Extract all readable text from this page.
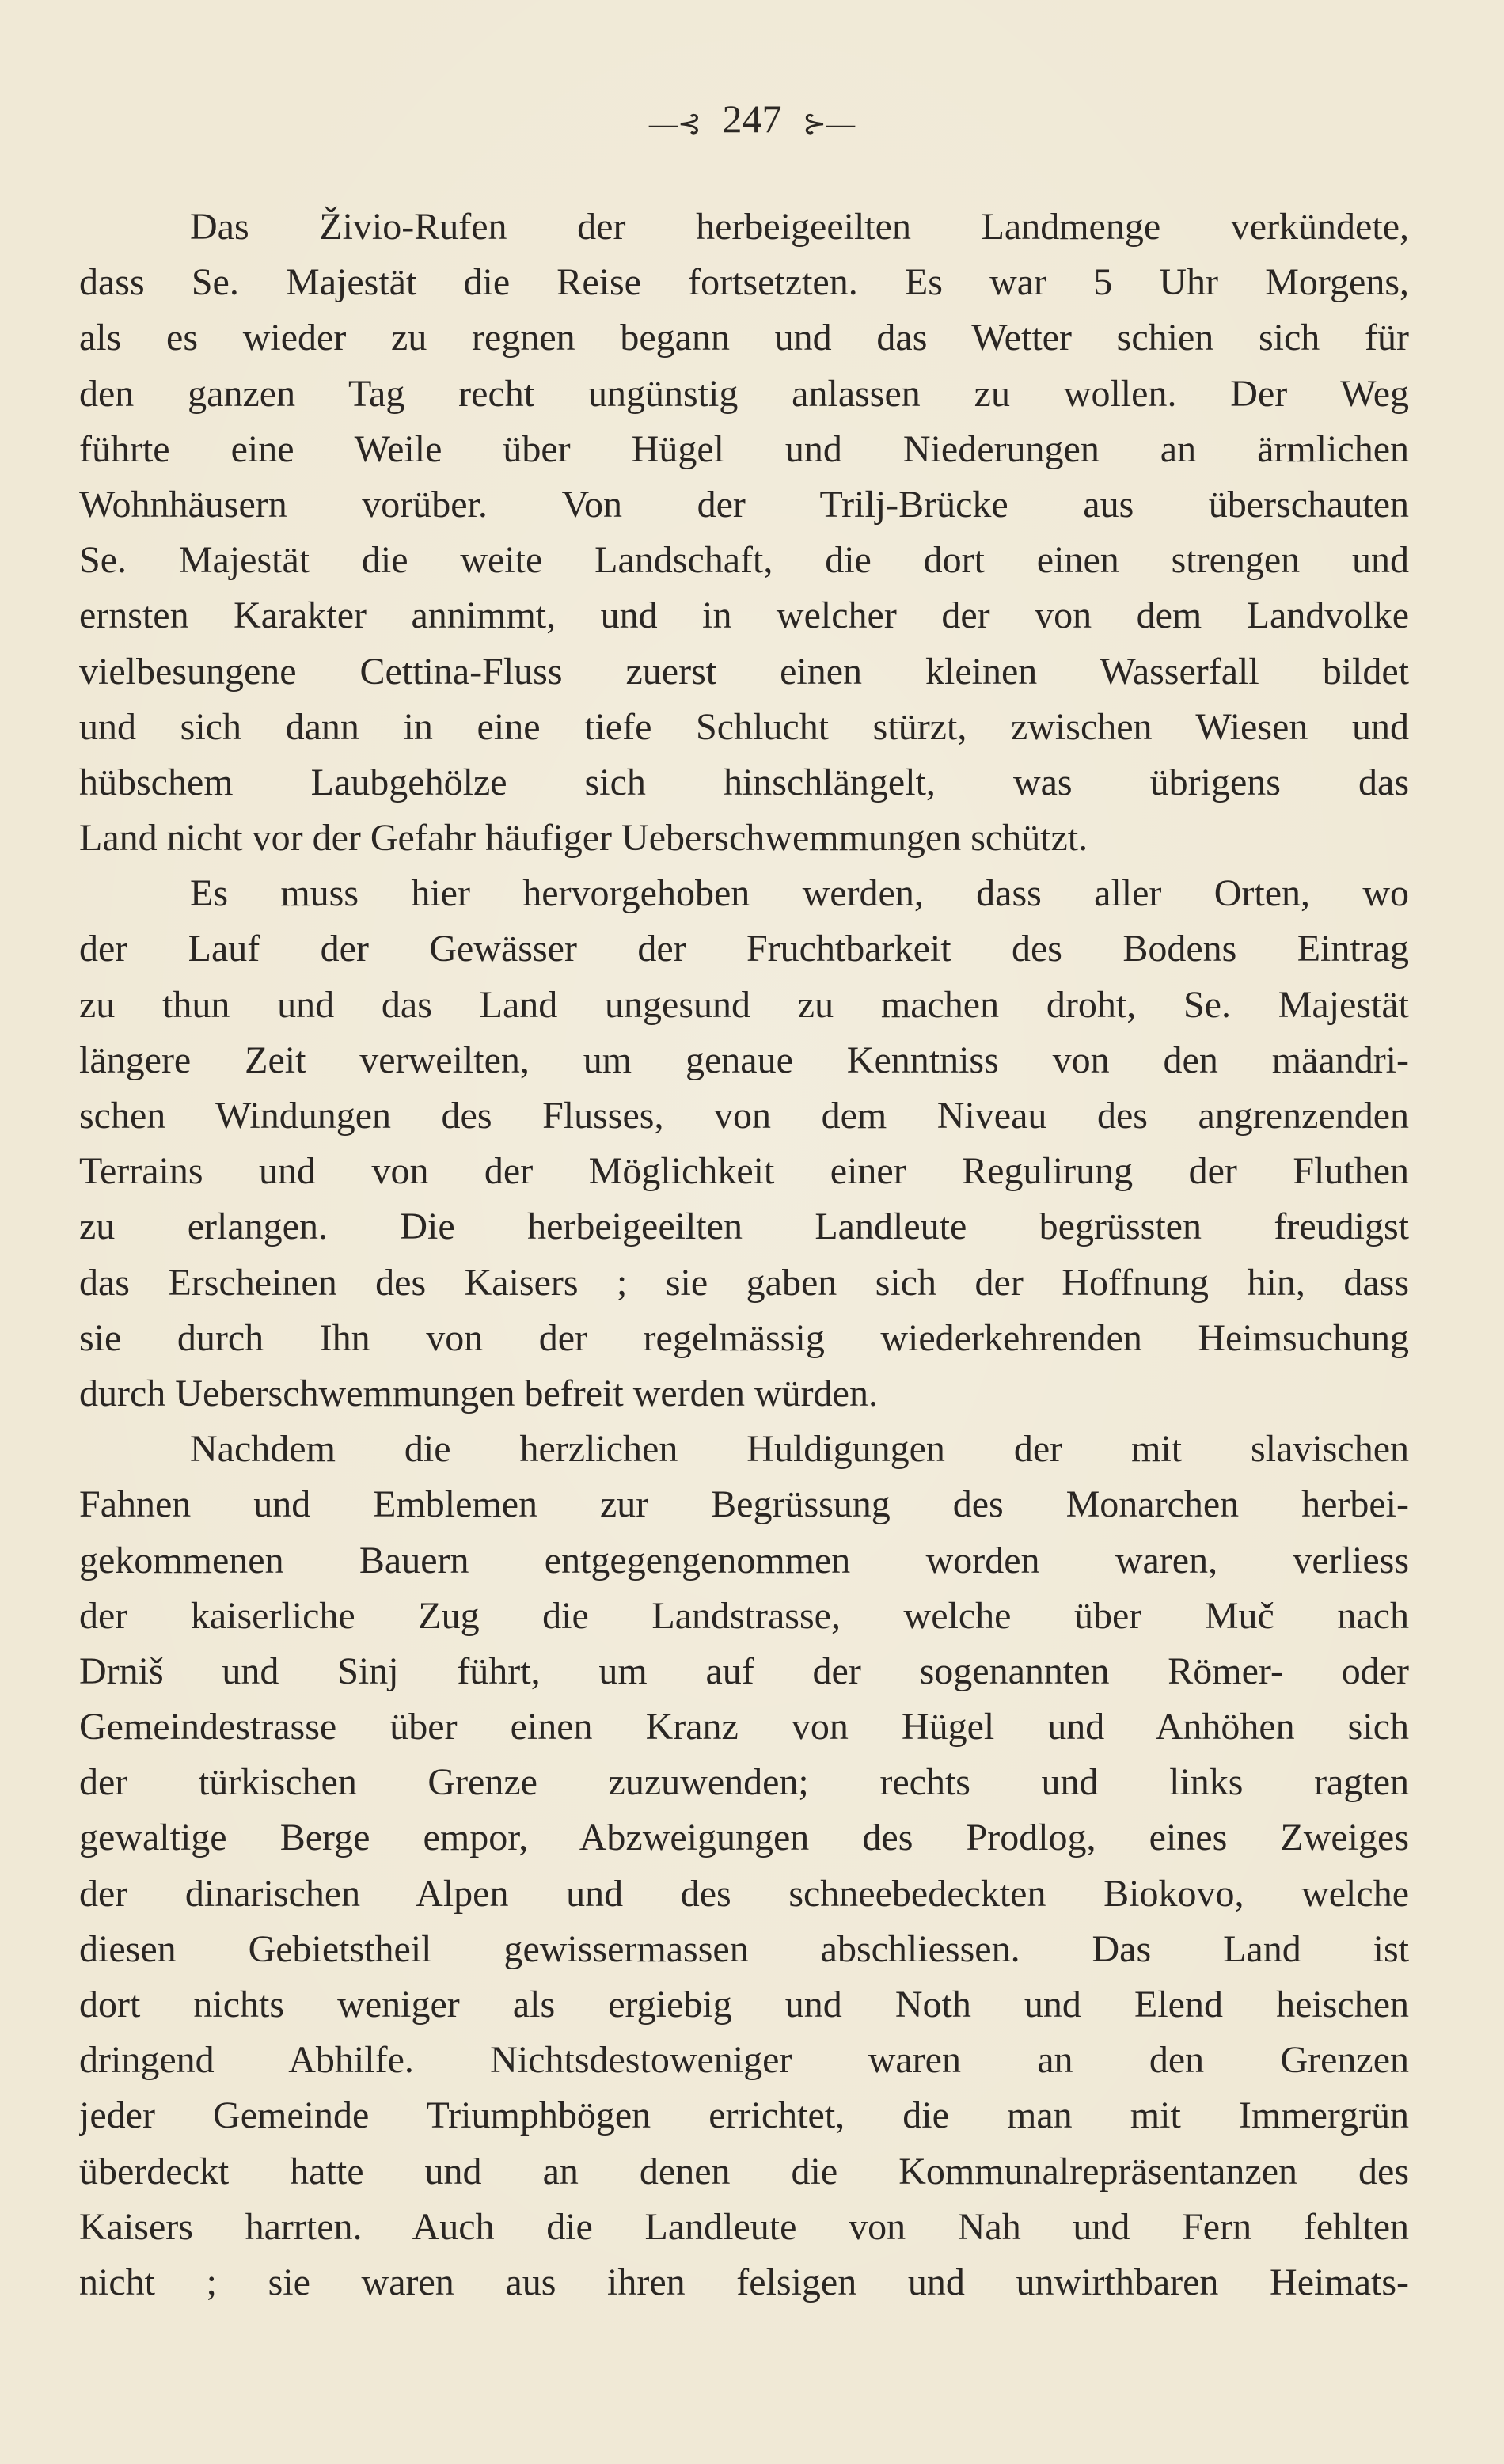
—⊰ 247 ⊱—
Das Živio-Rufen der herbeigeeilten Landmenge verkündete,
dass Se. Majestät die Reise fortsetzten. Es war 5 Uhr Morgens,
als es wieder zu regnen begann und das Wetter schien sich für
den ganzen Tag recht ungünstig anlassen zu wollen. Der Weg
führte eine Weile über Hügel und Niederungen an ärmlichen
Wohnhäusern vorüber. Von der Trilj-Brücke aus überschauten
Se. Majestät die weite Landschaft, die dort einen strengen und
ernsten Karakter annimmt, und in welcher der von dem Landvolke
vielbesungene Cettina-Fluss zuerst einen kleinen Wasserfall bildet
und sich dann in eine tiefe Schlucht stürzt, zwischen Wiesen und
hübschem Laubgehölze sich hinschlängelt, was übrigens das
Land nicht vor der Gefahr häufiger Ueberschwemmungen schützt.
Es muss hier hervorgehoben werden, dass aller Orten, wo
der Lauf der Gewässer der Fruchtbarkeit des Bodens Eintrag
zu thun und das Land ungesund zu machen droht, Se. Majestät
längere Zeit verweilten, um genaue Kenntniss von den mäandri-
schen Windungen des Flusses, von dem Niveau des angrenzenden
Terrains und von der Möglichkeit einer Regulirung der Fluthen
zu erlangen. Die herbeigeeilten Landleute begrüssten freudigst
das Erscheinen des Kaisers ; sie gaben sich der Hoffnung hin, dass
sie durch Ihn von der regelmässig wiederkehrenden Heimsuchung
durch Ueberschwemmungen befreit werden würden.
Nachdem die herzlichen Huldigungen der mit slavischen
Fahnen und Emblemen zur Begrüssung des Monarchen herbei-
gekommenen Bauern entgegengenommen worden waren, verliess
der kaiserliche Zug die Landstrasse, welche über Muč nach
Drniš und Sinj führt, um auf der sogenannten Römer- oder
Gemeindestrasse über einen Kranz von Hügel und Anhöhen sich
der türkischen Grenze zuzuwenden; rechts und links ragten
gewaltige Berge empor, Abzweigungen des Prodlog, eines Zweiges
der dinarischen Alpen und des schneebedeckten Biokovo, welche
diesen Gebietstheil gewissermassen abschliessen. Das Land ist
dort nichts weniger als ergiebig und Noth und Elend heischen
dringend Abhilfe. Nichtsdestoweniger waren an den Grenzen
jeder Gemeinde Triumphbögen errichtet, die man mit Immergrün
überdeckt hatte und an denen die Kommunalrepräsentanzen des
Kaisers harrten. Auch die Landleute von Nah und Fern fehlten
nicht ; sie waren aus ihren felsigen und unwirthbaren Heimats-
